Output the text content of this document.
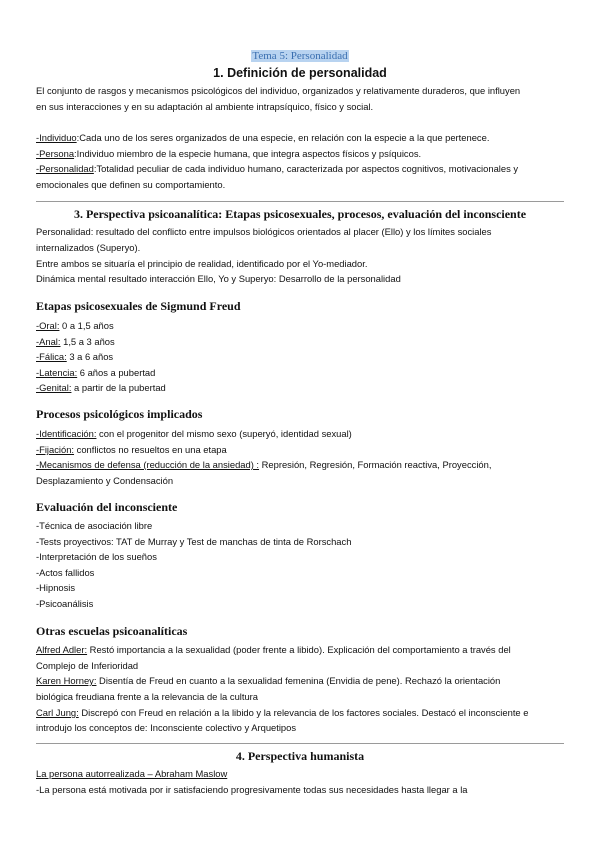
Tema 5: Personalidad
1. Definición de personalidad
El conjunto de rasgos y mecanismos psicológicos del individuo, organizados y relativamente duraderos, que influyen
en sus interacciones y en su adaptación al ambiente intrapsíquico, físico y social.
-Individuo:Cada uno de los seres organizados de una especie, en relación con la especie a la que pertenece.
-Persona:Individuo miembro de la especie humana, que integra aspectos físicos y psíquicos.
-Personalidad:Totalidad peculiar de cada individuo humano, caracterizada por aspectos cognitivos, motivacionales y
emocionales que definen su comportamiento.
3. Perspectiva psicoanalítica: Etapas psicosexuales, procesos, evaluación del inconsciente
Personalidad: resultado del conflicto entre impulsos biológicos orientados al placer (Ello) y los límites sociales
internalizados (Superyo).
Entre ambos se situaría el principio de realidad, identificado por el Yo-mediador.
Dinámica mental resultado interacción Ello, Yo y Superyo: Desarrollo de la personalidad
Etapas psicosexuales de Sigmund Freud
-Oral: 0 a 1,5 años
-Anal: 1,5 a 3 años
-Fálica: 3 a 6 años
-Latencia: 6 años a pubertad
-Genital: a partir de la pubertad
Procesos psicológicos implicados
-Identificación: con el progenitor del mismo sexo (superyó, identidad sexual)
-Fijación: conflictos no resueltos en una etapa
-Mecanismos de defensa (reducción de la ansiedad) : Represión, Regresión, Formación reactiva, Proyección,
Desplazamiento y Condensación
Evaluación del inconsciente
-Técnica de asociación libre
-Tests proyectivos: TAT de Murray y Test de manchas de tinta de Rorschach
-Interpretación de los sueños
-Actos fallidos
-Hipnosis
-Psicoanálisis
Otras escuelas psicoanalíticas
Alfred Adler: Restó importancia a la sexualidad (poder frente a libido). Explicación del comportamiento a través del
Complejo de Inferioridad
Karen Horney: Disentía de Freud en cuanto a la sexualidad femenina (Envidia de pene). Rechazó la orientación
biológica freudiana frente a la relevancia de la cultura
Carl Jung: Discrepó con Freud en relación a la libido y la relevancia de los factores sociales. Destacó el inconsciente e
introdujo los conceptos de: Inconsciente colectivo y Arquetipos
4. Perspectiva humanista
La persona autorrealizada – Abraham Maslow
-La persona está motivada por ir satisfaciendo progresivamente todas sus necesidades hasta llegar a la
